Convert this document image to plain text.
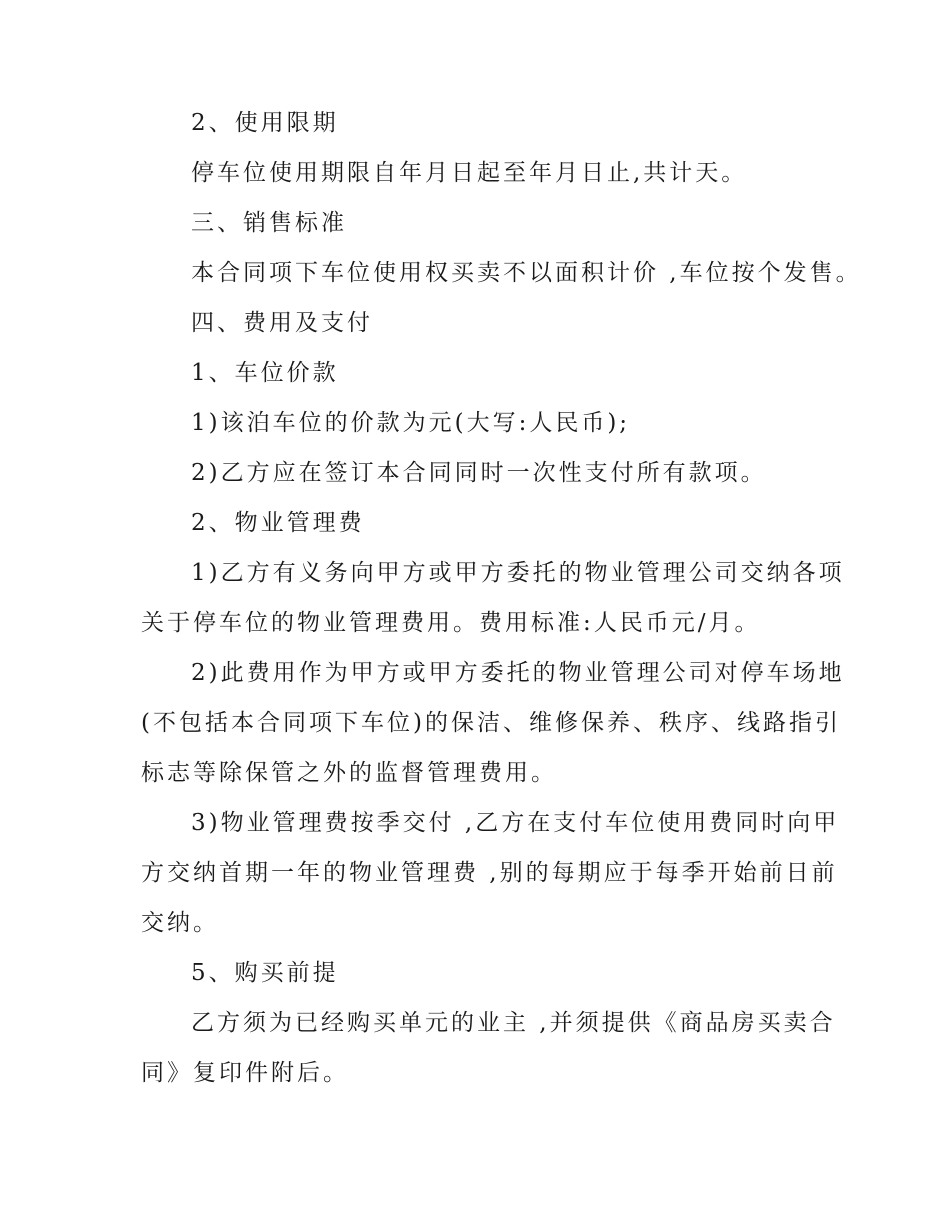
2、使用限期
停车位使用期限自年月日起至年月日止,共计天。
三、销售标准
本合同项下车位使用权买卖不以面积计价 ,车位按个发售。
四、费用及支付
1、车位价款
1)该泊车位的价款为元(大写:人民币);
2)乙方应在签订本合同同时一次性支付所有款项。
2、物业管理费
1)乙方有义务向甲方或甲方委托的物业管理公司交纳各项
关于停车位的物业管理费用。费用标准:人民币元/月。
2)此费用作为甲方或甲方委托的物业管理公司对停车场地
(不包括本合同项下车位)的保洁、维修保养、秩序、线路指引
标志等除保管之外的监督管理费用。
3)物业管理费按季交付 ,乙方在支付车位使用费同时向甲
方交纳首期一年的物业管理费 ,别的每期应于每季开始前日前
交纳。
5、购买前提
乙方须为已经购买单元的业主 ,并须提供《商品房买卖合
同》复印件附后。
